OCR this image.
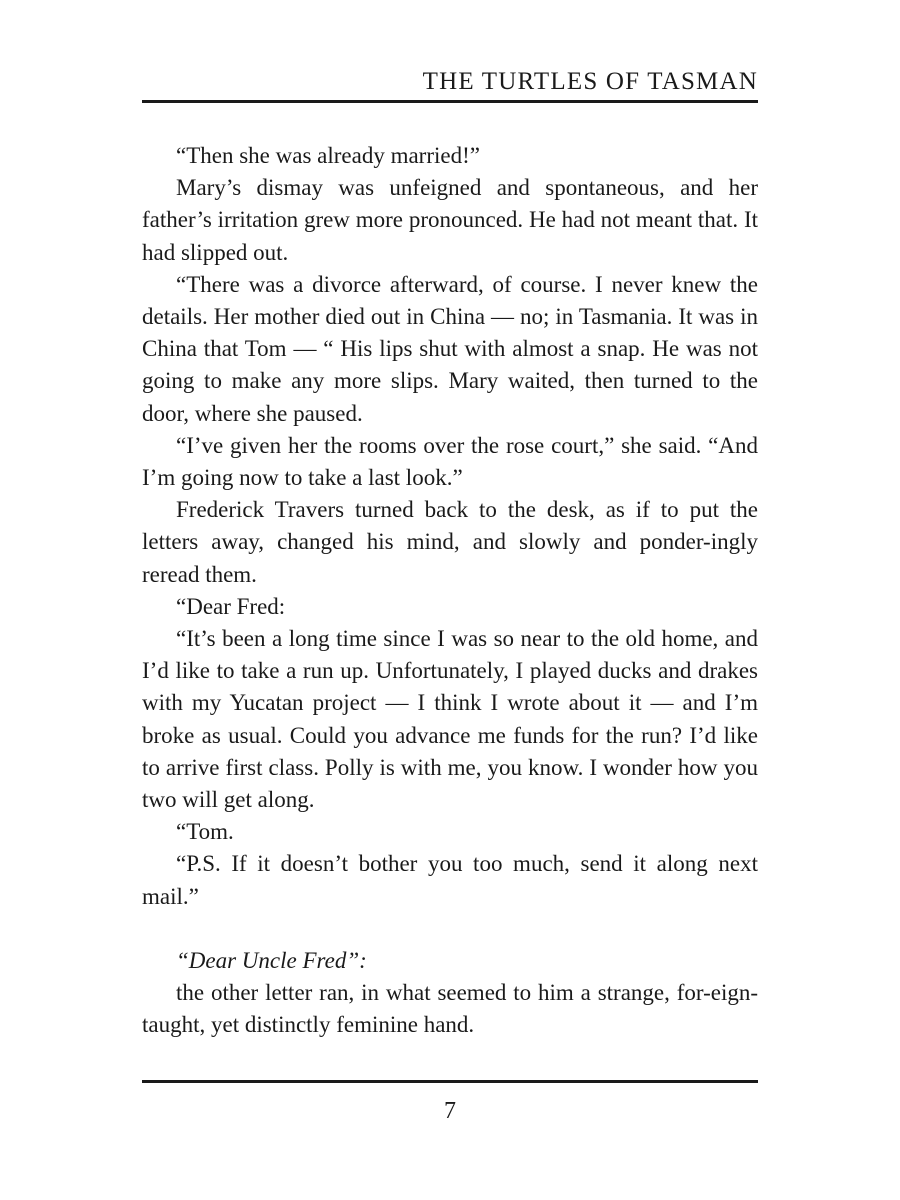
THE TURTLES OF TASMAN

“Then she was already married!”

Mary’s dismay was unfeigned and spontaneous, and her father’s irritation grew more pronounced. He had not meant that. It had slipped out.

“There was a divorce afterward, of course. I never knew the details. Her mother died out in China — no; in Tasmania. It was in China that Tom — “ His lips shut with almost a snap. He was not going to make any more slips. Mary waited, then turned to the door, where she paused.

“I’ve given her the rooms over the rose court,” she said. “And I’m going now to take a last look.”

Frederick Travers turned back to the desk, as if to put the letters away, changed his mind, and slowly and ponder-ingly reread them.

“Dear Fred:

“It’s been a long time since I was so near to the old home, and I’d like to take a run up. Unfortunately, I played ducks and drakes with my Yucatan project — I think I wrote about it — and I’m broke as usual. Could you advance me funds for the run? I’d like to arrive first class. Polly is with me, you know. I wonder how you two will get along.

“Tom.

“P.S. If it doesn’t bother you too much, send it along next mail.”

“Dear Uncle Fred”:

the other letter ran, in what seemed to him a strange, for-eign-taught, yet distinctly feminine hand.

7
